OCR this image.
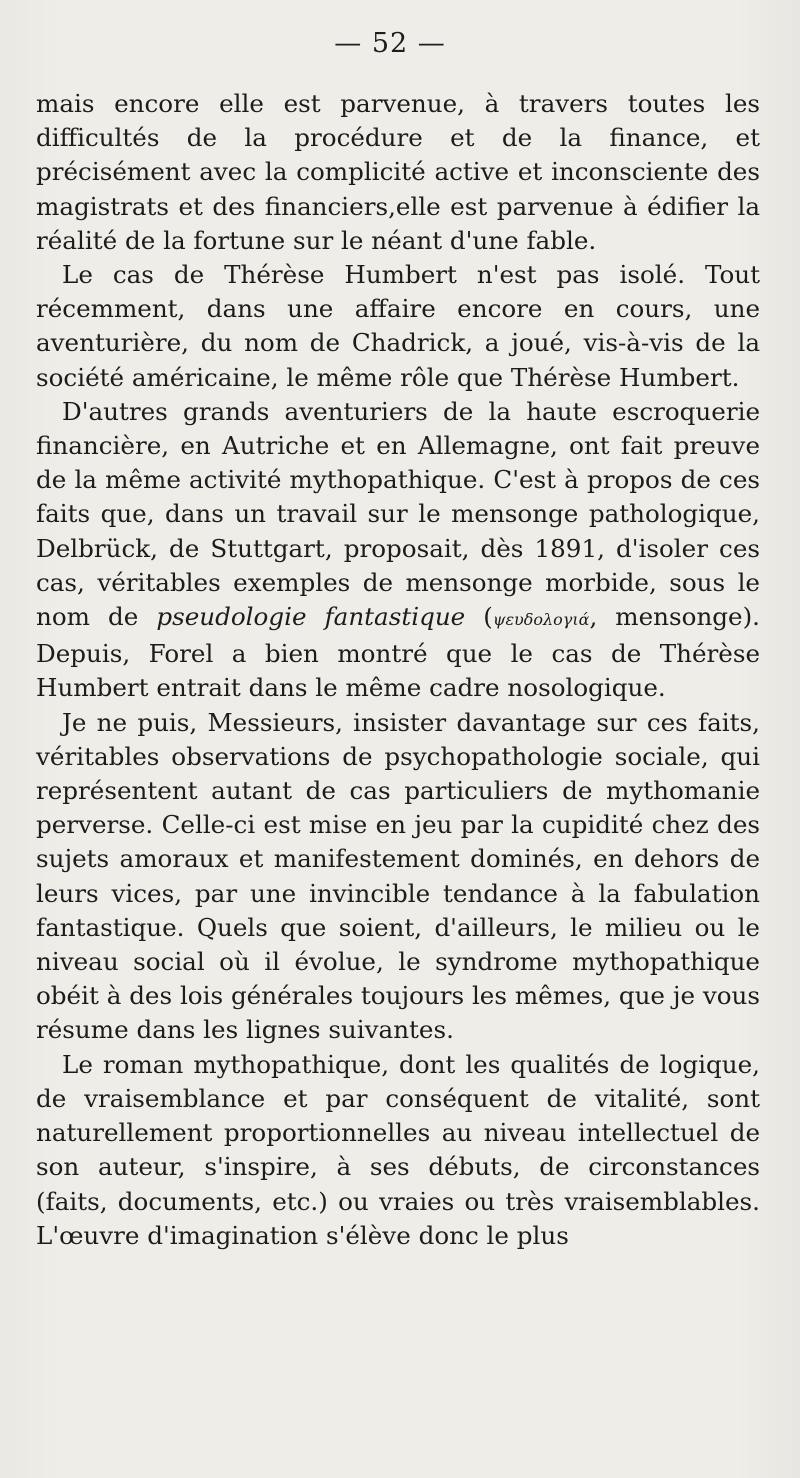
— 52 —

mais encore elle est parvenue, à travers toutes les difficultés de la procédure et de la finance, et précisément avec la complicité active et inconsciente des magistrats et des financiers,elle est parvenue à édifier la réalité de la fortune sur le néant d'une fable.

Le cas de Thérèse Humbert n'est pas isolé. Tout récemment, dans une affaire encore en cours, une aventurière, du nom de Chadrick, a joué, vis-à-vis de la société américaine, le même rôle que Thérèse Humbert.

D'autres grands aventuriers de la haute escroquerie financière, en Autriche et en Allemagne, ont fait preuve de la même activité mythopathique. C'est à propos de ces faits que, dans un travail sur le mensonge pathologique, Delbrück, de Stuttgart, proposait, dès 1891, d'isoler ces cas, véritables exemples de mensonge morbide, sous le nom de pseudologie fantastique (ψευδολογιά, mensonge). Depuis, Forel a bien montré que le cas de Thérèse Humbert entrait dans le même cadre nosologique.

Je ne puis, Messieurs, insister davantage sur ces faits, véritables observations de psychopathologie sociale, qui représentent autant de cas particuliers de mythomanie perverse. Celle-ci est mise en jeu par la cupidité chez des sujets amoraux et manifestement dominés, en dehors de leurs vices, par une invincible tendance à la fabulation fantastique. Quels que soient, d'ailleurs, le milieu ou le niveau social où il évolue, le syndrome mythopathique obéit à des lois générales toujours les mêmes, que je vous résume dans les lignes suivantes.

Le roman mythopathique, dont les qualités de logique, de vraisemblance et par conséquent de vitalité, sont naturellement proportionnelles au niveau intellectuel de son auteur, s'inspire, à ses débuts, de circonstances (faits, documents, etc.) ou vraies ou très vraisemblables. L'œuvre d'imagination s'élève donc le plus
